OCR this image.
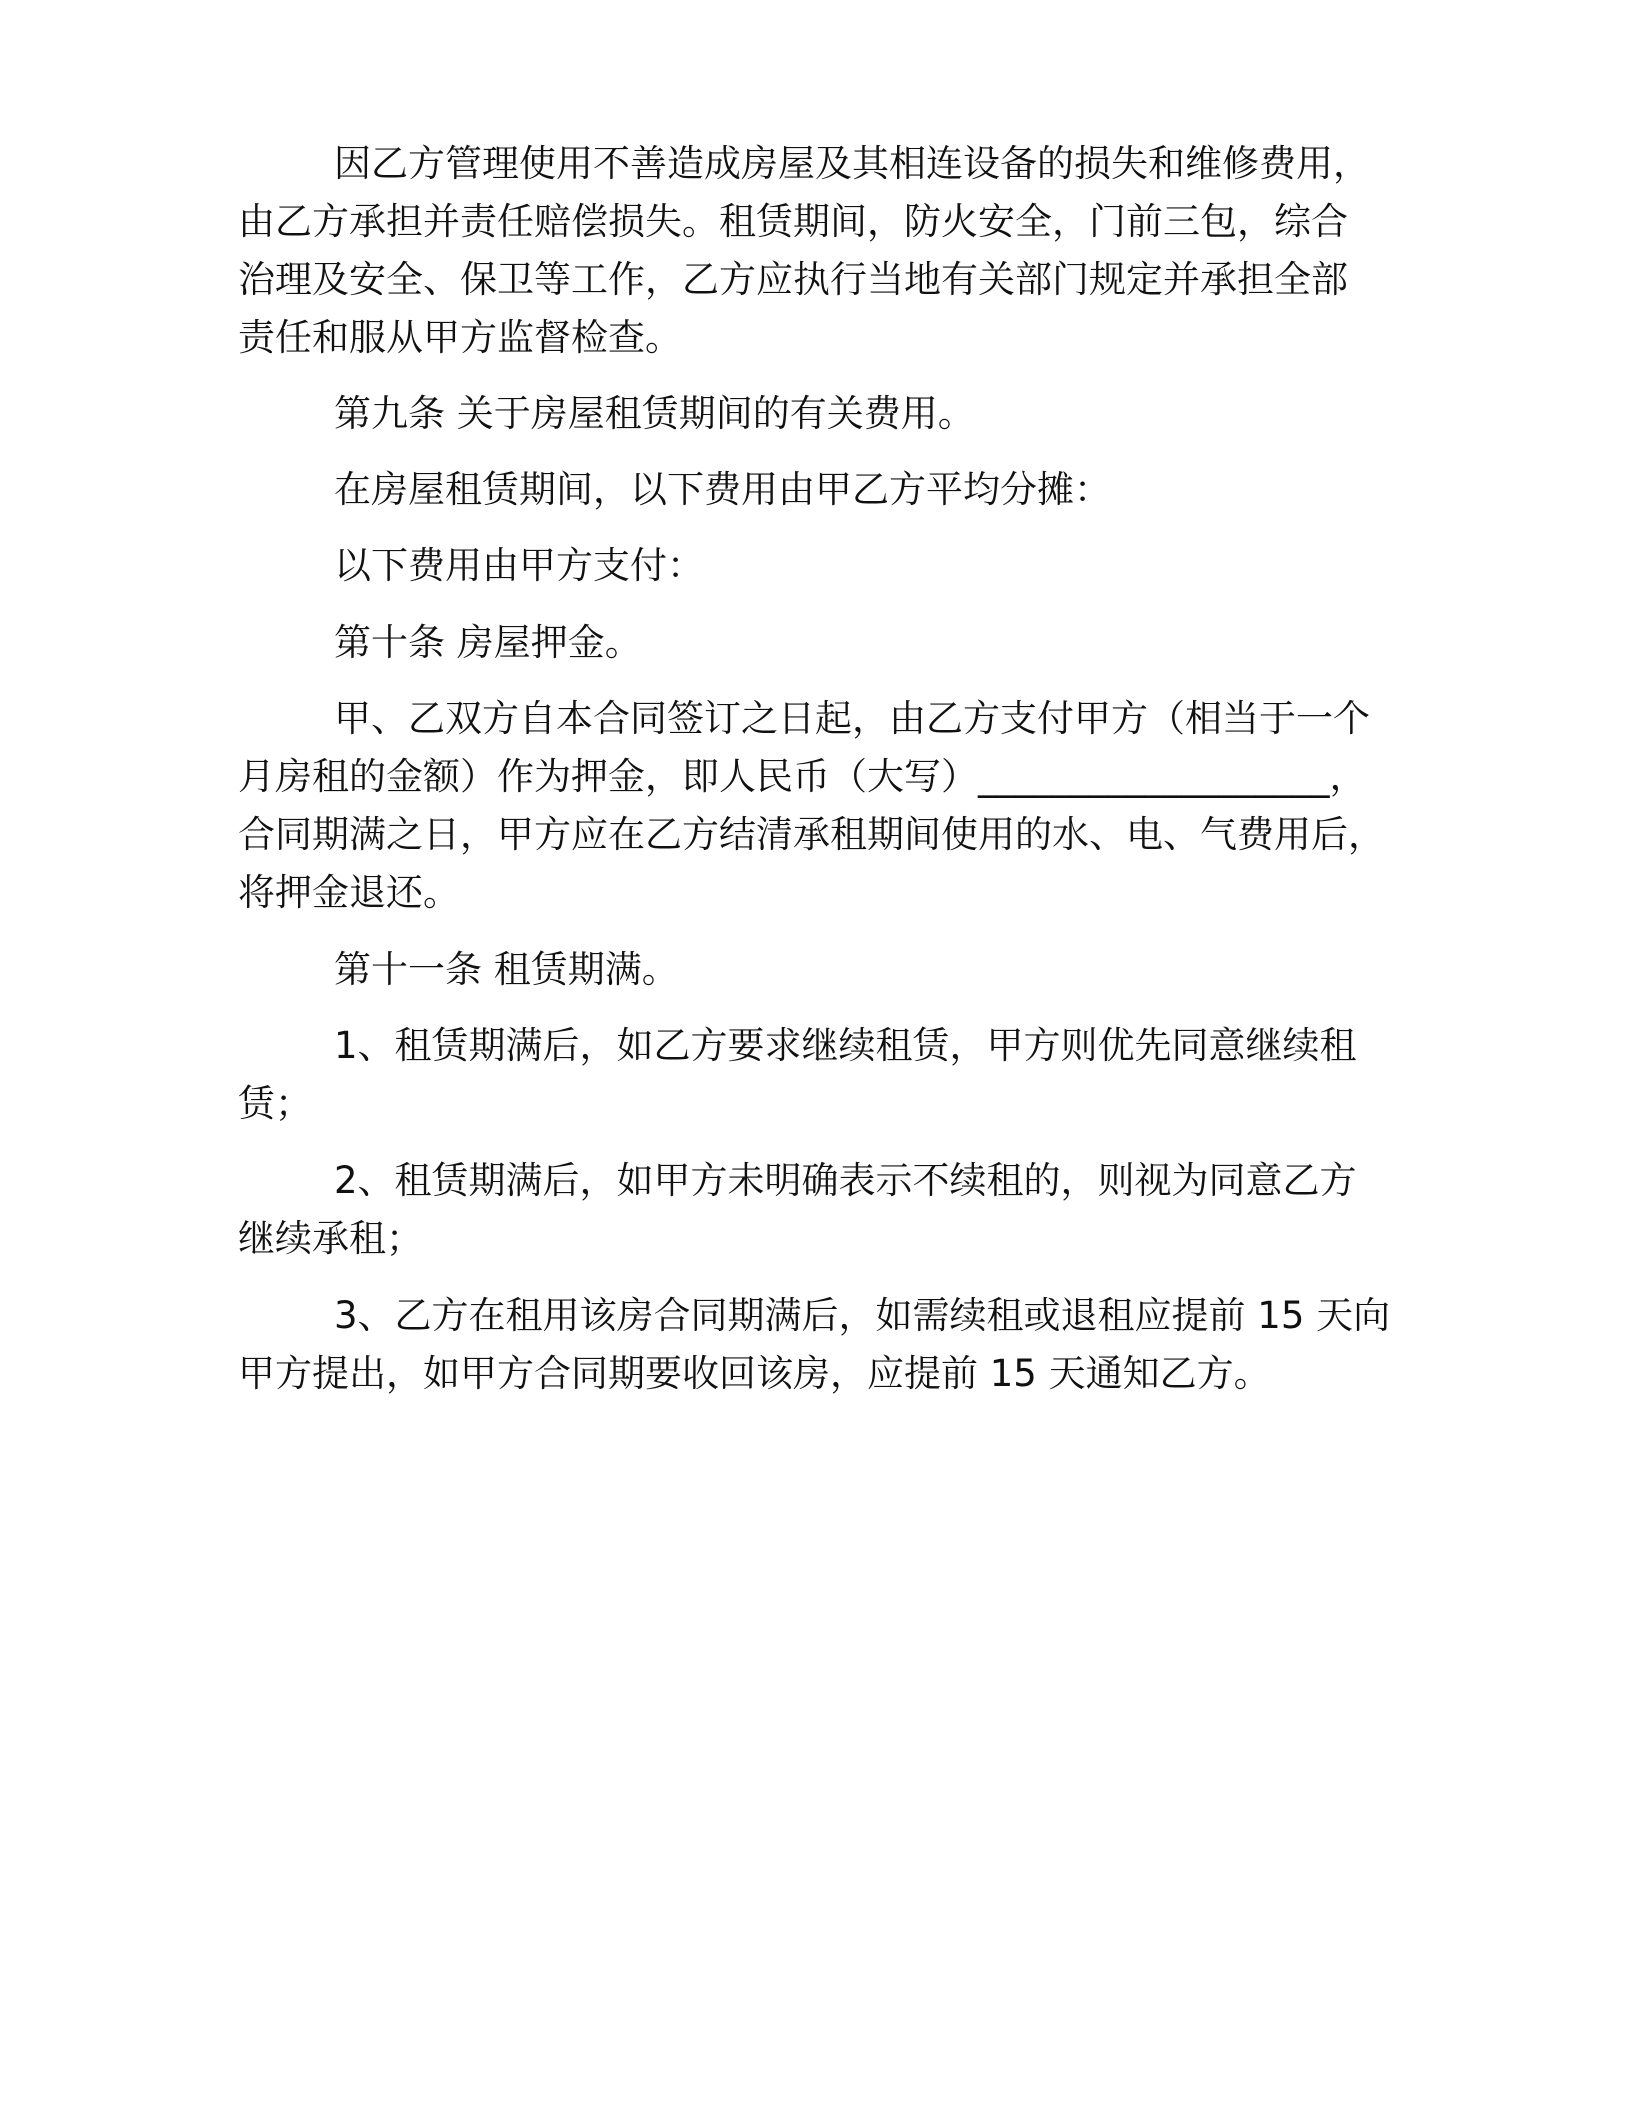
因乙方管理使用不善造成房屋及其相连设备的损失和维修费用，
由乙方承担并责任赔偿损失。租赁期间，防火安全，门前三包，综合
治理及安全、保卫等工作，乙方应执行当地有关部门规定并承担全部
责任和服从甲方监督检查。
第九条 关于房屋租赁期间的有关费用。
在房屋租赁期间，以下费用由甲乙方平均分摊：
以下费用由甲方支付：
第十条 房屋押金。
甲、乙双方自本合同签订之日起，由乙方支付甲方（相当于一个
月房租的金额）作为押金，即人民币（大写）___________________，
合同期满之日，甲方应在乙方结清承租期间使用的水、电、气费用后，
将押金退还。
第十一条 租赁期满。
1、租赁期满后，如乙方要求继续租赁，甲方则优先同意继续租
赁；
2、租赁期满后，如甲方未明确表示不续租的，则视为同意乙方
继续承租；
3、乙方在租用该房合同期满后，如需续租或退租应提前 15 天向
甲方提出，如甲方合同期要收回该房，应提前 15 天通知乙方。
